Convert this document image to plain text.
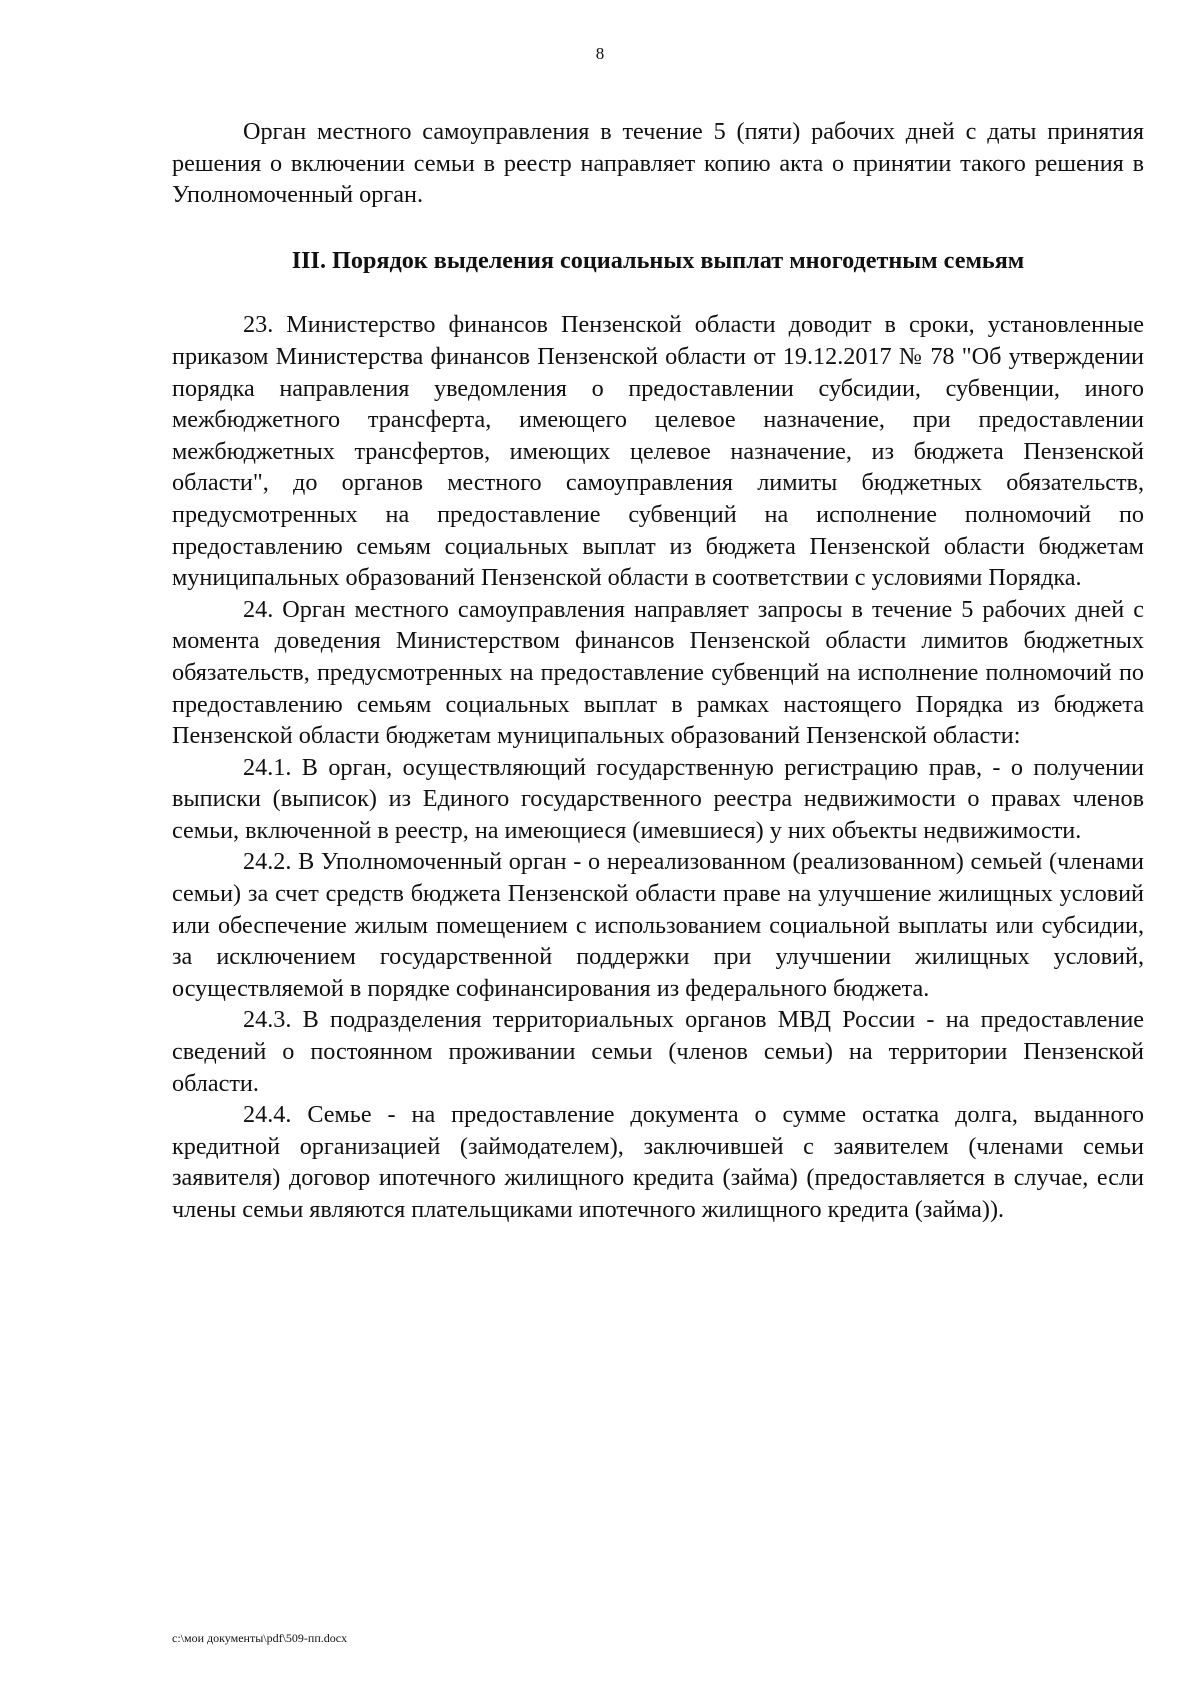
8

Орган местного самоуправления в течение 5 (пяти) рабочих дней с даты принятия решения о включении семьи в реестр направляет копию акта о принятии такого решения в Уполномоченный орган.

III. Порядок выделения социальных выплат многодетным семьям

23. Министерство финансов Пензенской области доводит в сроки, установленные приказом Министерства финансов Пензенской области от 19.12.2017 № 78 "Об утверждении порядка направления уведомления о предоставлении субсидии, субвенции, иного межбюджетного трансферта, имеющего целевое назначение, при предоставлении межбюджетных трансфертов, имеющих целевое назначение, из бюджета Пензенской области", до органов местного самоуправления лимиты бюджетных обязательств, предусмотренных на предоставление субвенций на исполнение полномочий по предоставлению семьям социальных выплат из бюджета Пензенской области бюджетам муниципальных образований Пензенской области в соответствии с условиями Порядка.

24. Орган местного самоуправления направляет запросы в течение 5 рабочих дней с момента доведения Министерством финансов Пензенской области лимитов бюджетных обязательств, предусмотренных на предоставление субвенций на исполнение полномочий по предоставлению семьям социальных выплат в рамках настоящего Порядка из бюджета Пензенской области бюджетам муниципальных образований Пензенской области:

24.1. В орган, осуществляющий государственную регистрацию прав, - о получении выписки (выписок) из Единого государственного реестра недвижимости о правах членов семьи, включенной в реестр, на имеющиеся (имевшиеся) у них объекты недвижимости.

24.2. В Уполномоченный орган - о нереализованном (реализованном) семьей (членами семьи) за счет средств бюджета Пензенской области праве на улучшение жилищных условий или обеспечение жилым помещением с использованием социальной выплаты или субсидии, за исключением государственной поддержки при улучшении жилищных условий, осуществляемой в порядке софинансирования из федерального бюджета.

24.3. В подразделения территориальных органов МВД России - на предоставление сведений о постоянном проживании семьи (членов семьи) на территории Пензенской области.

24.4. Семье - на предоставление документа о сумме остатка долга, выданного кредитной организацией (займодателем), заключившей с заявителем (членами семьи заявителя) договор ипотечного жилищного кредита (займа) (предоставляется в случае, если члены семьи являются плательщиками ипотечного жилищного кредита (займа)).

c:\мои документы\pdf\509-пп.docx
